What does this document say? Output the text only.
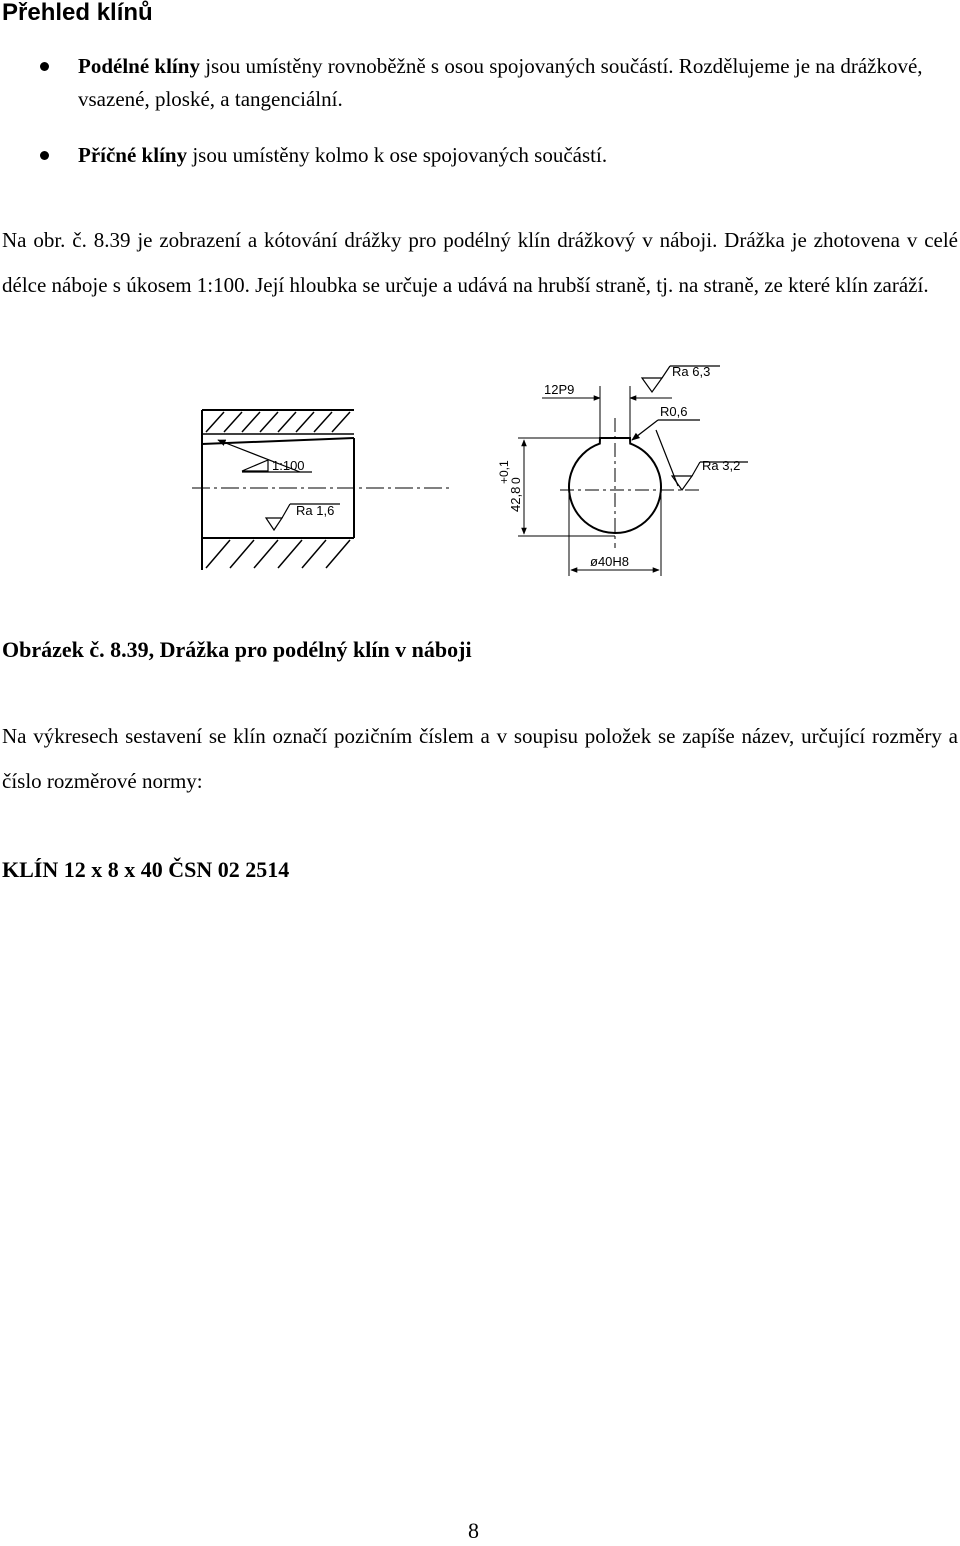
Přehled klínů
Podélné klíny jsou umístěny rovnoběžně s osou spojovaných součástí. Rozdělujeme je na drážkové, vsazené, ploské, a tangenciální.
Příčné klíny jsou umístěny kolmo k ose spojovaných součástí.

Na obr. č. 8.39 je zobrazení a kótování drážky pro podélný klín drážkový v náboji. Drážka je zhotovena v celé délce náboje s úkosem 1:100. Její hloubka se určuje a udává na hrubší straně, tj. na straně, ze které klín zaráží.

1:100
Ra 1,6
12P9
Ra 6,3
R0,6
Ra 3,2
42,8
+0,1
0
ø40H8

Obrázek č. 8.39, Drážka pro podélný klín v náboji

Na výkresech sestavení se klín označí pozičním číslem a v soupisu položek se zapíše název, určující rozměry a číslo rozměrové normy:

KLÍN 12 x 8 x 40 ČSN 02 2514

8
